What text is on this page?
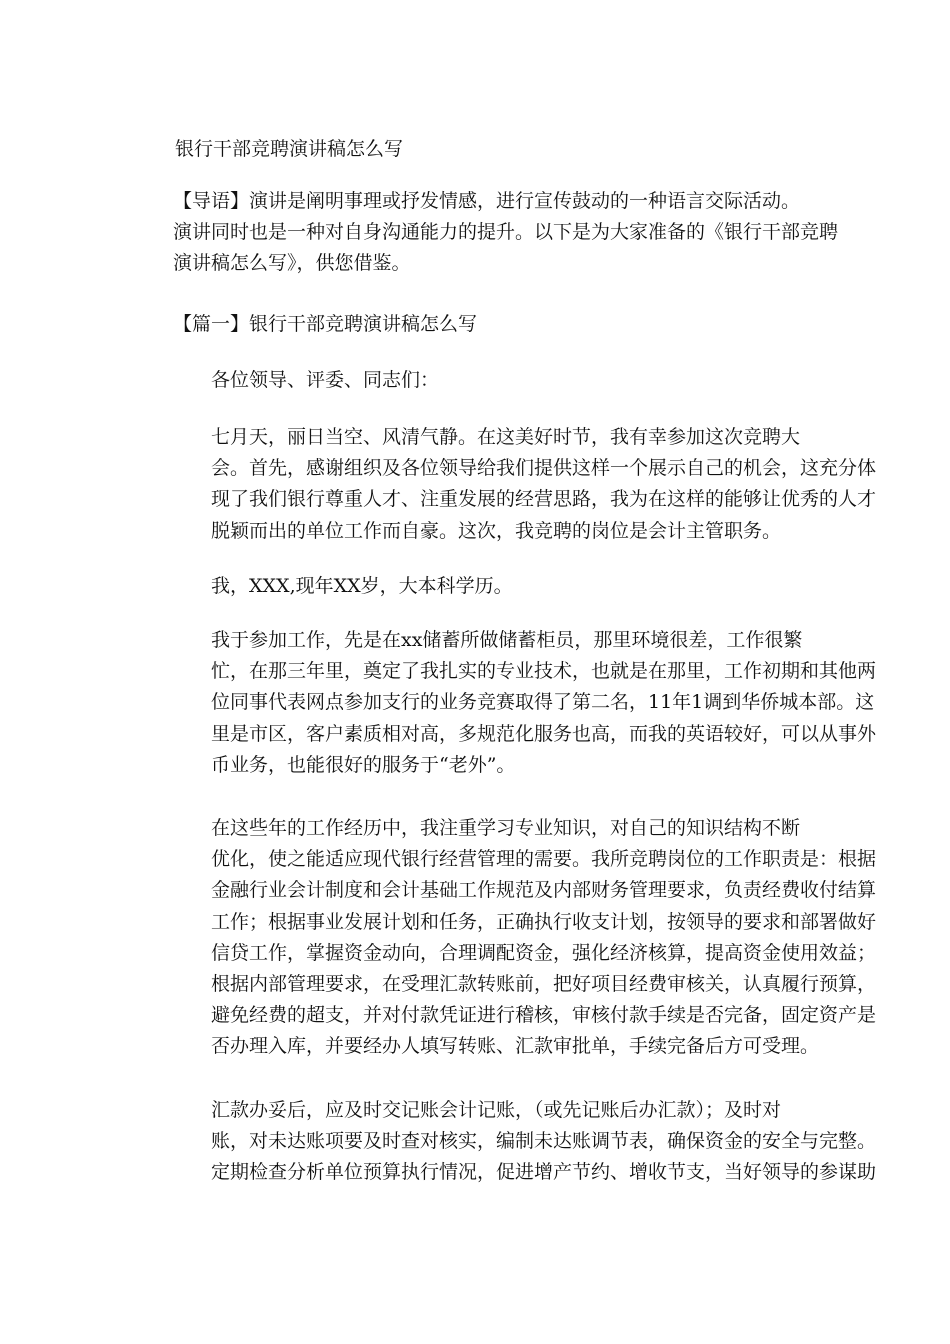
银行干部竞聘演讲稿怎么写

【导语】演讲是阐明事理或抒发情感，进行宣传鼓动的一种语言交际活动。
演讲同时也是一种对自身沟通能力的提升。以下是为大家准备的《银行干部竞聘
演讲稿怎么写》，供您借鉴。

【篇一】银行干部竞聘演讲稿怎么写

各位领导、评委、同志们：

七月天，丽日当空、风清气静。在这美好时节，我有幸参加这次竞聘大
会。首先，感谢组织及各位领导给我们提供这样一个展示自己的机会，这充分体
现了我们银行尊重人才、注重发展的经营思路，我为在这样的能够让优秀的人才
脱颖而出的单位工作而自豪。这次，我竞聘的岗位是会计主管职务。
我，XXX,现年XX岁，大本科学历。
我于参加工作，先是在xx储蓄所做储蓄柜员，那里环境很差，工作很繁
忙，在那三年里，奠定了我扎实的专业技术，也就是在那里，工作初期和其他两
位同事代表网点参加支行的业务竞赛取得了第二名，11年1调到华侨城本部。这
里是市区，客户素质相对高，多规范化服务也高，而我的英语较好，可以从事外
币业务，也能很好的服务于“老外”。
在这些年的工作经历中，我注重学习专业知识，对自己的知识结构不断
优化，使之能适应现代银行经营管理的需要。我所竞聘岗位的工作职责是：根据
金融行业会计制度和会计基础工作规范及内部财务管理要求，负责经费收付结算
工作；根据事业发展计划和任务，正确执行收支计划，按领导的要求和部署做好
信贷工作，掌握资金动向，合理调配资金，强化经济核算，提高资金使用效益；
根据内部管理要求，在受理汇款转账前，把好项目经费审核关，认真履行预算，
避免经费的超支，并对付款凭证进行稽核，审核付款手续是否完备，固定资产是
否办理入库，并要经办人填写转账、汇款审批单，手续完备后方可受理。
汇款办妥后，应及时交记账会计记账，（或先记账后办汇款）；及时对
账，对未达账项要及时查对核实，编制未达账调节表，确保资金的安全与完整。
定期检查分析单位预算执行情况，促进增产节约、增收节支，当好领导的参谋助
